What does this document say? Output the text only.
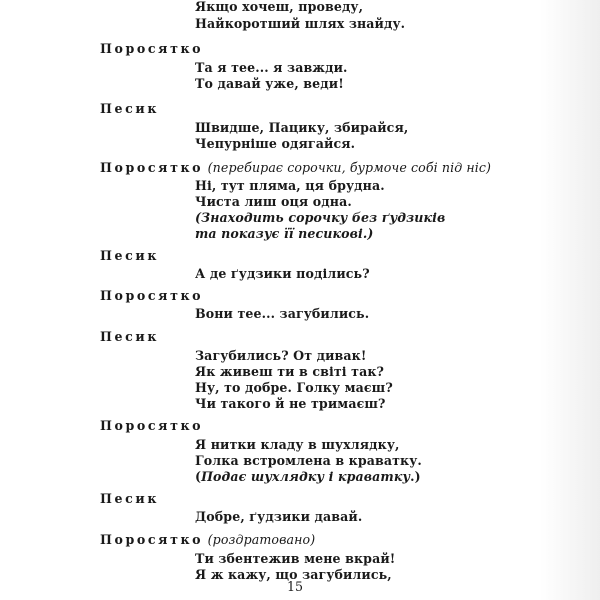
Якщо хочеш, проведу,
Найкоротший шлях знайду.
Поросятко
Та я тее... я завжди.
То давай уже, веди!
Песик
Швидше, Пацику, збирайся,
Чепурніше одягайся.
Поросятко (перебирає сорочки, бурмоче собі під ніс)
Ні, тут пляма, ця брудна.
Чиста лиш оця одна.
(Знаходить сорочку без ґудзиків
та показує її песикові.)
Песик
А де ґудзики поділись?
Поросятко
Вони тее... загубились.
Песик
Загубились? От дивак!
Як живеш ти в світі так?
Ну, то добре. Голку маєш?
Чи такого й не тримаєш?
Поросятко
Я нитки кладу в шухлядку,
Голка встромлена в краватку.
(Подає шухлядку і краватку.)
Песик
Добре, ґудзики давай.
Поросятко (роздратовано)
Ти збентежив мене вкрай!
Я ж кажу, що загубились,
15
